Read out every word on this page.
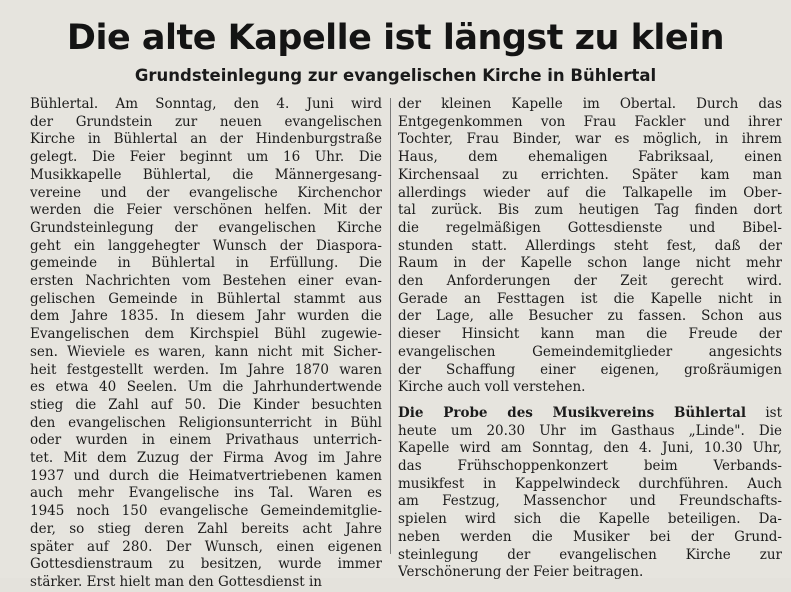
Die alte Kapelle ist längst zu klein
Grundsteinlegung zur evangelischen Kirche in Bühlertal
Bühlertal. Am Sonntag, den 4. Juni wird
der Grundstein zur neuen evangelischen
Kirche in Bühlertal an der Hindenburgstraße
gelegt. Die Feier beginnt um 16 Uhr. Die
Musikkapelle Bühlertal, die Männergesang-
vereine und der evangelische Kirchenchor
werden die Feier verschönen helfen. Mit der
Grundsteinlegung der evangelischen Kirche
geht ein langgehegter Wunsch der Diaspora-
gemeinde in Bühlertal in Erfüllung. Die
ersten Nachrichten vom Bestehen einer evan-
gelischen Gemeinde in Bühlertal stammt aus
dem Jahre 1835. In diesem Jahr wurden die
Evangelischen dem Kirchspiel Bühl zugewie-
sen. Wieviele es waren, kann nicht mit Sicher-
heit festgestellt werden. Im Jahre 1870 waren
es etwa 40 Seelen. Um die Jahrhundertwende
stieg die Zahl auf 50. Die Kinder besuchten
den evangelischen Religionsunterricht in Bühl
oder wurden in einem Privathaus unterrich-
tet. Mit dem Zuzug der Firma Avog im Jahre
1937 und durch die Heimatvertriebenen kamen
auch mehr Evangelische ins Tal. Waren es
1945 noch 150 evangelische Gemeindemitglie-
der, so stieg deren Zahl bereits acht Jahre
später auf 280. Der Wunsch, einen eigenen
Gottesdienstraum zu besitzen, wurde immer
stärker. Erst hielt man den Gottesdienst in
der kleinen Kapelle im Obertal. Durch das
Entgegenkommen von Frau Fackler und ihrer
Tochter, Frau Binder, war es möglich, in ihrem
Haus, dem ehemaligen Fabriksaal, einen
Kirchensaal zu errichten. Später kam man
allerdings wieder auf die Talkapelle im Ober-
tal zurück. Bis zum heutigen Tag finden dort
die regelmäßigen Gottesdienste und Bibel-
stunden statt. Allerdings steht fest, daß der
Raum in der Kapelle schon lange nicht mehr
den Anforderungen der Zeit gerecht wird.
Gerade an Festtagen ist die Kapelle nicht in
der Lage, alle Besucher zu fassen. Schon aus
dieser Hinsicht kann man die Freude der
evangelischen Gemeindemitglieder angesichts
der Schaffung einer eigenen, großräumigen
Kirche auch voll verstehen.
Die Probe des Musikvereins Bühlertal ist
heute um 20.30 Uhr im Gasthaus „Linde". Die
Kapelle wird am Sonntag, den 4. Juni, 10.30 Uhr,
das Frühschoppenkonzert beim Verbands-
musikfest in Kappelwindeck durchführen. Auch
am Festzug, Massenchor und Freundschafts-
spielen wird sich die Kapelle beteiligen. Da-
neben werden die Musiker bei der Grund-
steinlegung der evangelischen Kirche zur
Verschönerung der Feier beitragen.
